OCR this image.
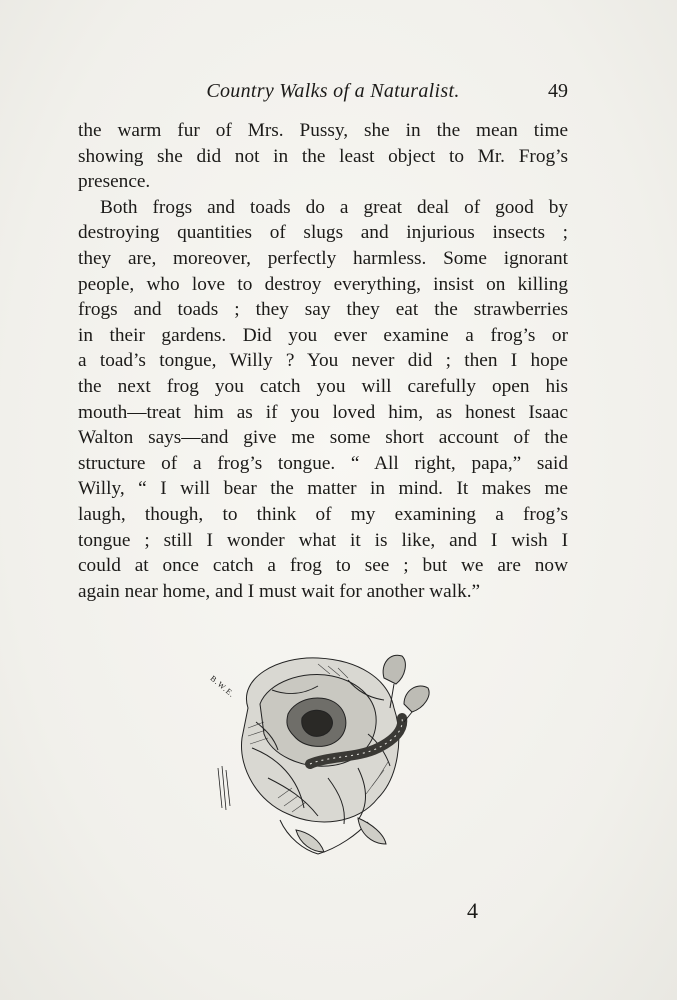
Country Walks of a Naturalist.	49

the warm fur of Mrs. Pussy, she in the mean time
showing she did not in the least object to Mr. Frog’s
presence.

Both frogs and toads do a great deal of good by
destroying quantities of slugs and injurious insects ;
they are, moreover, perfectly harmless. Some ignorant
people, who love to destroy everything, insist on killing
frogs and toads ; they say they eat the strawberries
in their gardens. Did you ever examine a frog’s or
a toad’s tongue, Willy ? You never did ; then I hope
the next frog you catch you will carefully open his
mouth—treat him as if you loved him, as honest Isaac
Walton says—and give me some short account of the
structure of a frog’s tongue. “ All right, papa,” said
Willy, “ I will bear the matter in mind. It makes me
laugh, though, to think of my examining a frog’s
tongue ; still I wonder what it is like, and I wish I
could at once catch a frog to see ; but we are now
again near home, and I must wait for another walk.”

B.W.E.
4
